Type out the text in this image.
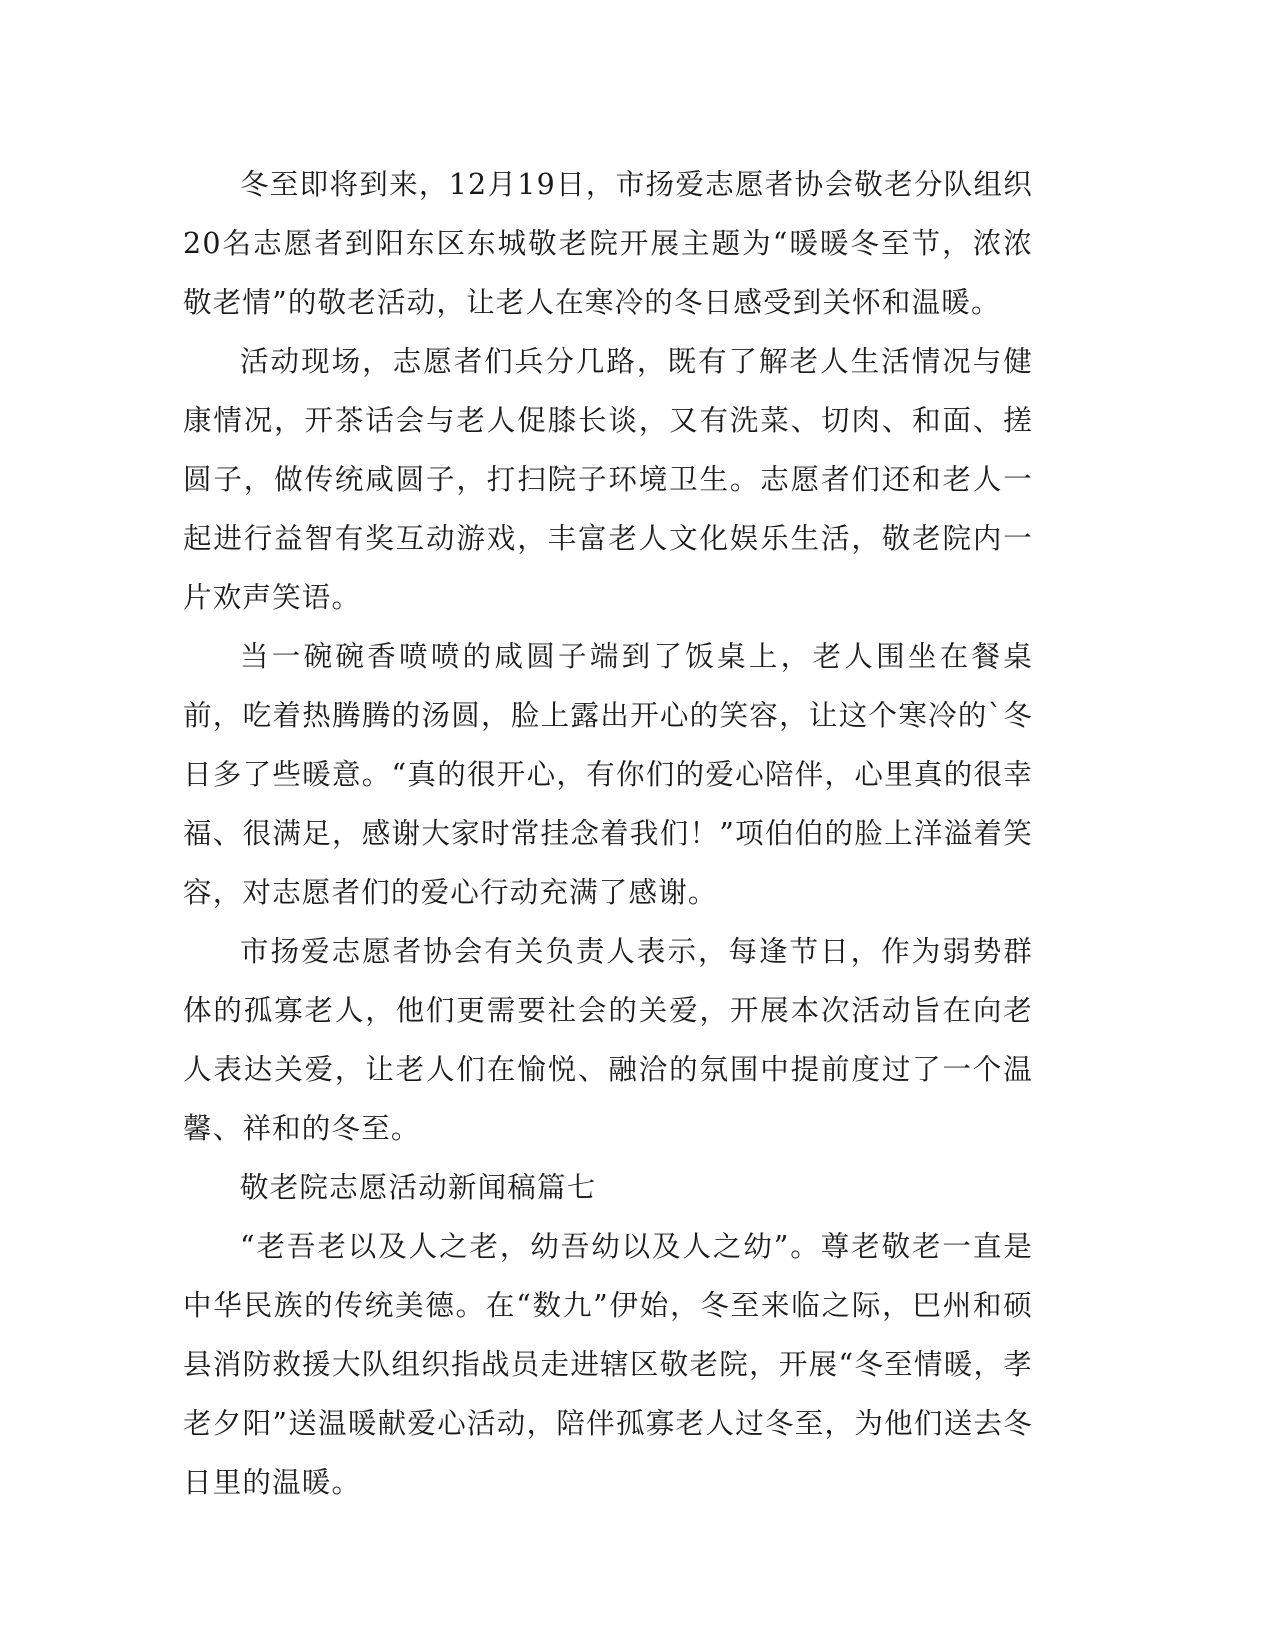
冬至即将到来，12月19日，市扬爱志愿者协会敬老分队组织20名志愿者到阳东区东城敬老院开展主题为“暖暖冬至节，浓浓敬老情”的敬老活动，让老人在寒冷的冬日感受到关怀和温暖。

活动现场，志愿者们兵分几路，既有了解老人生活情况与健康情况，开茶话会与老人促膝长谈，又有洗菜、切肉、和面、搓圆子，做传统咸圆子，打扫院子环境卫生。志愿者们还和老人一起进行益智有奖互动游戏，丰富老人文化娱乐生活，敬老院内一片欢声笑语。

当一碗碗香喷喷的咸圆子端到了饭桌上，老人围坐在餐桌前，吃着热腾腾的汤圆，脸上露出开心的笑容，让这个寒冷的`冬日多了些暖意。“真的很开心，有你们的爱心陪伴，心里真的很幸福、很满足，感谢大家时常挂念着我们！”项伯伯的脸上洋溢着笑容，对志愿者们的爱心行动充满了感谢。

市扬爱志愿者协会有关负责人表示，每逢节日，作为弱势群体的孤寡老人，他们更需要社会的关爱，开展本次活动旨在向老人表达关爱，让老人们在愉悦、融洽的氛围中提前度过了一个温馨、祥和的冬至。

敬老院志愿活动新闻稿篇七

“老吾老以及人之老，幼吾幼以及人之幼”。尊老敬老一直是中华民族的传统美德。在“数九”伊始，冬至来临之际，巴州和硕县消防救援大队组织指战员走进辖区敬老院，开展“冬至情暖，孝老夕阳”送温暖献爱心活动，陪伴孤寡老人过冬至，为他们送去冬日里的温暖。
